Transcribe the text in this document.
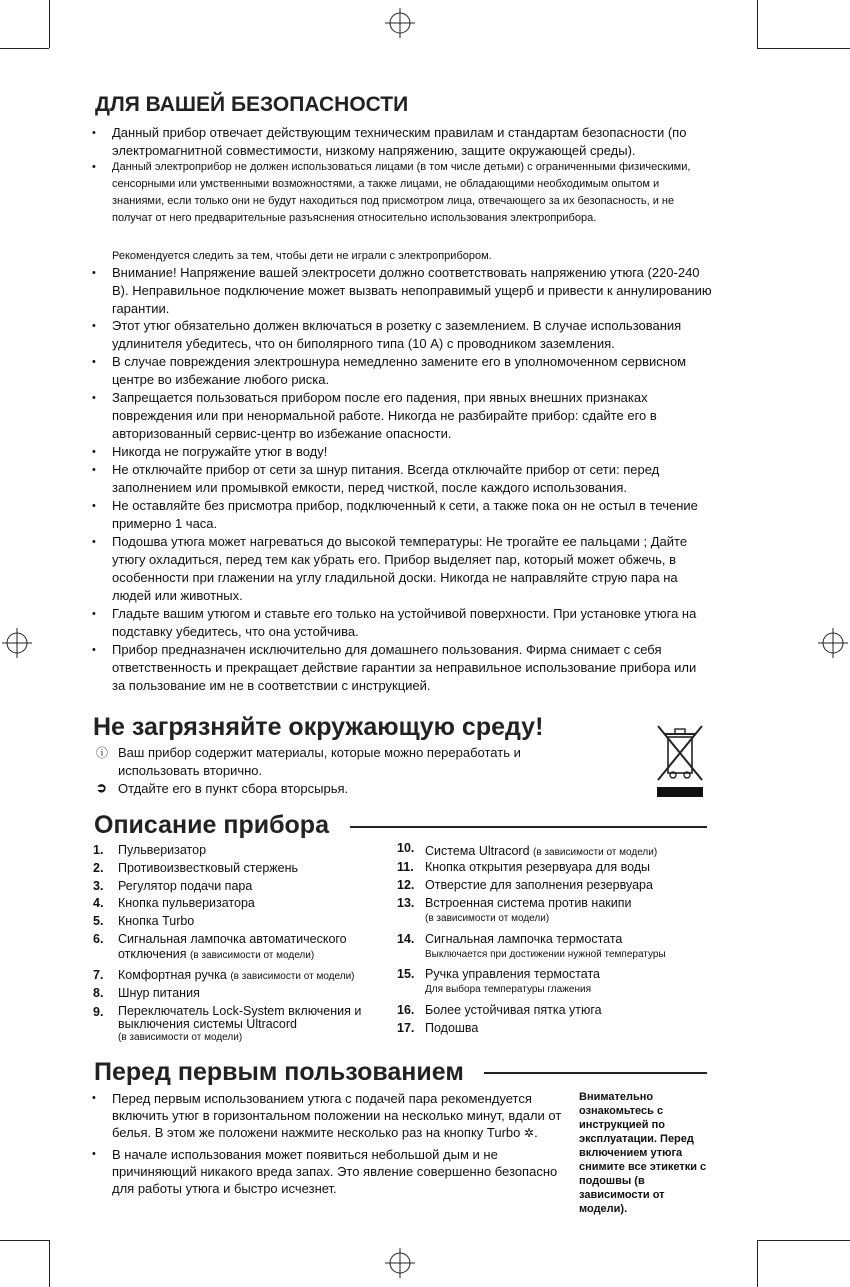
ДЛЯ ВАШЕЙ БЕЗОПАСНОСТИ
• Данный прибор отвечает действующим техническим правилам и стандартам безопасности (по электромагнитной совместимости, низкому напряжению, защите окружающей среды).
• Данный электроприбор не должен использоваться лицами (в том числе детьми) с ограниченными физическими, сенсорными или умственными возможностями, а также лицами, не обладающими необходимым опытом и знаниями, если только они не будут находиться под присмотром лица, отвечающего за их безопасность, и не получат от него предварительные разъяснения относительно использования электроприбора.
Рекомендуется следить за тем, чтобы дети не играли с электроприбором.
• Внимание! Напряжение вашей электросети должно соответствовать напряжению утюга (220-240 В). Неправильное подключение может вызвать непоправимый ущерб и привести к аннулированию гарантии.
• Этот утюг обязательно должен включаться в розетку с заземлением. В случае использования удлинителя убедитесь, что он биполярного типа (10 A) с проводником заземления.
• В случае повреждения электрошнура немедленно замените его в уполномоченном сервисном центре во избежание любого риска.
• Запрещается пользоваться прибором после его падения, при явных внешних признаках повреждения или при ненормальной работе. Никогда не разбирайте прибор: сдайте его в авторизованный сервис-центр во избежание опасности.
• Никогда не погружайте утюг в воду!
• Не отключайте прибор от сети за шнур питания. Всегда отключайте прибор от сети: перед заполнением или промывкой емкости, перед чисткой, после каждого использования.
• Не оставляйте без присмотра прибор, подключенный к сети, а также пока он не остыл в течение примерно 1 часа.
• Подошва утюга может нагреваться до высокой температуры: Не трогайте ее пальцами ; Дайте утюгу охладиться, перед тем как убрать его. Прибор выделяет пар, который может обжечь, в особенности при глажении на углу гладильной доски. Никогда не направляйте струю пара на людей или животных.
• Гладьте вашим утюгом и ставьте его только на устойчивой поверхности. При установке утюга на подставку убедитесь, что она устойчива.
• Прибор предназначен исключительно для домашнего пользования. Фирма снимает с себя ответственность и прекращает действие гарантии за неправильное использование прибора или за пользование им не в соответствии с инструкцией.
Не загрязняйте окружающую среду!
ⓘ Ваш прибор содержит материалы, которые можно переработать и использовать вторично.
➲ Отдайте его в пункт сбора вторсырья.
Описание прибора
1. Пульверизатор
2. Противоизвестковый стержень
3. Регулятор подачи пара
4. Кнопка пульверизатора
5. Кнопка Turbo
6. Сигнальная лампочка автоматического отключения (в зависимости от модели)
7. Комфортная ручка (в зависимости от модели)
8. Шнур питания
9. Переключатель Lock-System включения и выключения системы Ultracord
(в зависимости от модели)
10. Система Ultracord (в зависимости от модели)
11. Кнопка открытия резервуара для воды
12. Отверстие для заполнения резервуара
13. Встроенная система против накипи
(в зависимости от модели)
14. Сигнальная лампочка термостата
Выключается при достижении нужной температуры
15. Ручка управления термостата
Для выбора температуры глажения
16. Более устойчивая пятка утюга
17. Подошва
Перед первым пользованием
• Перед первым использованием утюга с подачей пара рекомендуется включить утюг в горизонтальном положении на несколько минут, вдали от белья. В этом же положени нажмите несколько раз на кнопку Turbo ✲.
• В начале использования может появиться небольшой дым и не причиняющий никакого вреда запах. Это явление совершенно безопасно для работы утюга и быстро исчезнет.
Внимательно ознакомьтесь с инструкцией по эксплуатации. Перед включением утюга снимите все этикетки с подошвы (в зависимости от модели).
